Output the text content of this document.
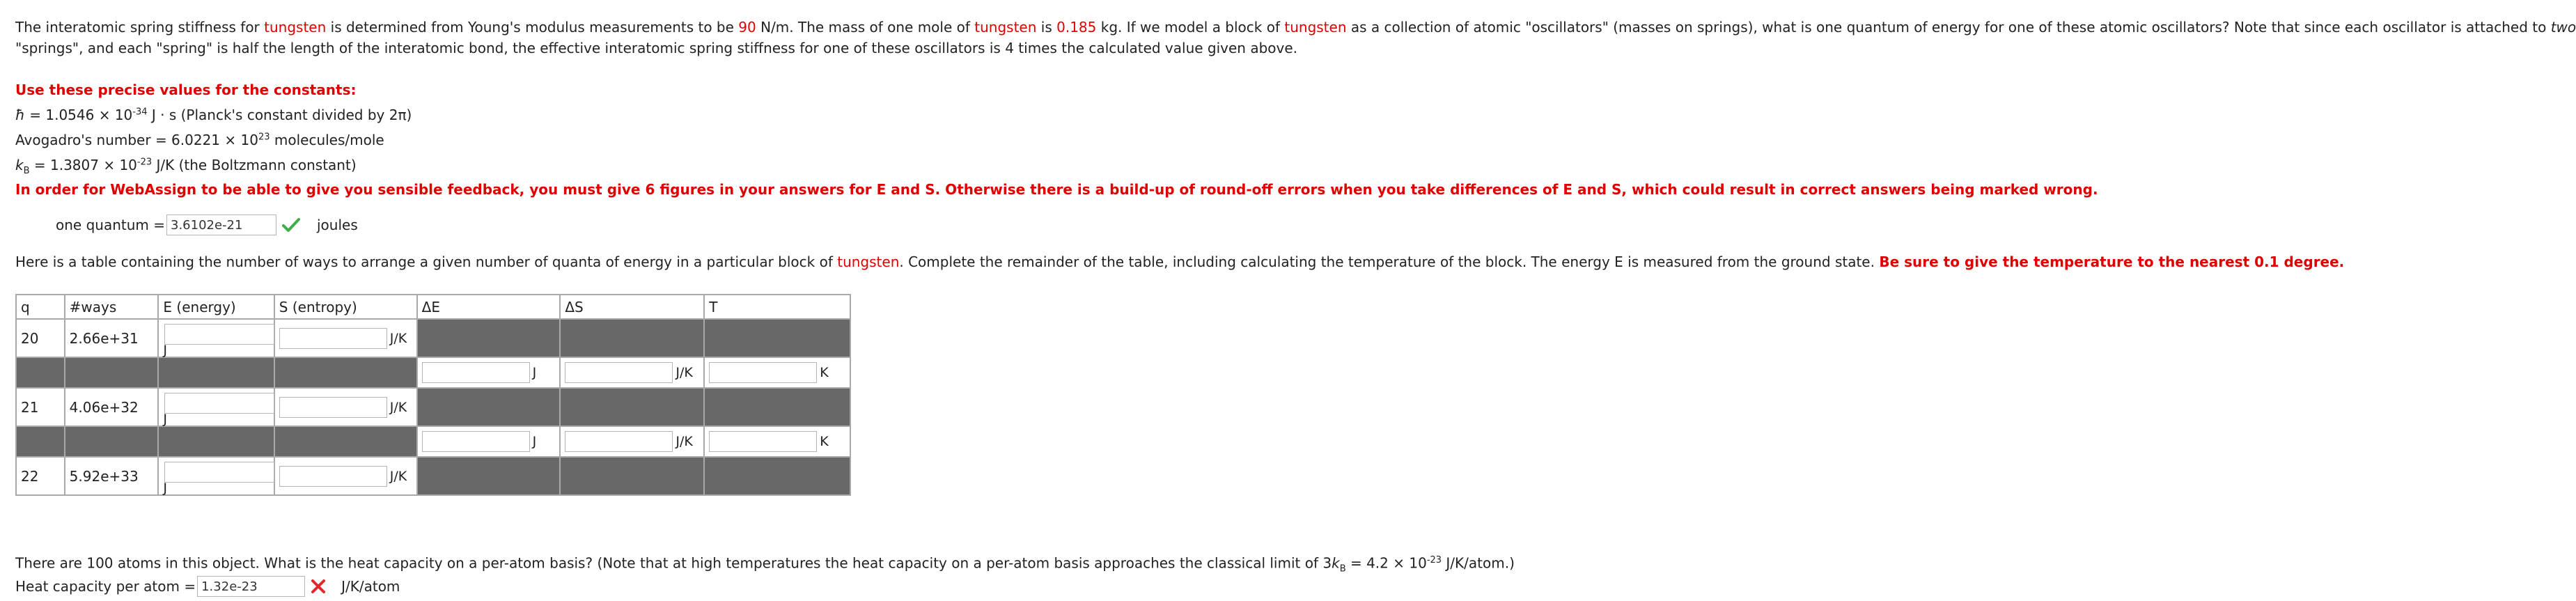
The interatomic spring stiffness for tungsten is determined from Young's modulus measurements to be 90 N/m. The mass of one mole of tungsten is 0.185 kg. If we model a block of tungsten as a collection of atomic "oscillators" (masses on springs), what is one quantum of energy for one of these atomic oscillators? Note that since each oscillator is attached to two
"springs", and each "spring" is half the length of the interatomic bond, the effective interatomic spring stiffness for one of these oscillators is 4 times the calculated value given above.
Use these precise values for the constants:
ħ = $1.0546 \times 10^{-34}$ J · s (Planck's constant divided by 2π)
Avogadro's number = $6.0221 \times 10^{23}$ molecules/mole
$k_B = 1.3807 \times 10^{-23}$ J/K (the Boltzmann constant)
In order for WebAssign to be able to give you sensible feedback, you must give 6 figures in your answers for E and S. Otherwise there is a build-up of round-off errors when you take differences of E and S, which could result in correct answers being marked wrong.
one quantum =
3.6102e-21	joules
Here is a table containing the number of ways to arrange a given number of quanta of energy in a particular block of tungsten. Complete the remainder of the table, including calculating the temperature of the block. The energy E is measured from the ground state. Be sure to give the temperature to the nearest 0.1 degree.
q	#ways	E (energy)	S (entropy)	ΔE	ΔS	T
20	2.66e+31	J	J/K			

				J	J/K	K

21	4.06e+32	J	J/K			

				J	J/K	K

22	5.92e+33	J	J/K			

There are 100 atoms in this object. What is the heat capacity on a per-atom basis? (Note that at high temperatures the heat capacity on a per-atom basis approaches the classical limit of $3k_B = 4.2 \times 10^{-23}$ J/K/atom.)
Heat capacity per atom =
1.32e-23	J/K/atom
